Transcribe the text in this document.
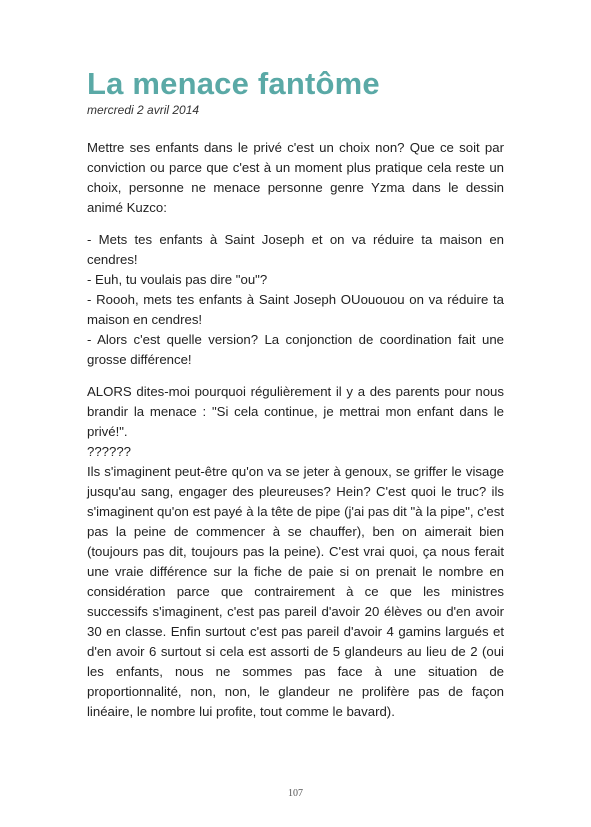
La menace fantôme
mercredi 2 avril 2014

Mettre ses enfants dans le privé c'est un choix non? Que ce soit par conviction ou parce que c'est à un moment plus pratique cela reste un choix, personne ne menace personne genre Yzma dans le dessin animé Kuzco:

- Mets tes enfants à Saint Joseph et on va réduire ta maison en cendres!
- Euh, tu voulais pas dire "ou"?
- Roooh, mets tes enfants à Saint Joseph OUououou on va réduire ta maison en cendres!
- Alors c'est quelle version? La conjonction de coordination fait une grosse différence!

ALORS dites-moi pourquoi régulièrement il y a des parents pour nous brandir la menace : "Si cela continue, je mettrai mon enfant dans le privé!".

??????

Ils s'imaginent peut-être qu'on va se jeter à genoux, se griffer le visage jusqu'au sang, engager des pleureuses? Hein? C'est quoi le truc? ils s'imaginent qu'on est payé à la tête de pipe (j'ai pas dit "à la pipe", c'est pas la peine de commencer à se chauffer), ben on aimerait bien (toujours pas dit, toujours pas la peine). C'est vrai quoi, ça nous ferait une vraie différence sur la fiche de paie si on prenait le nombre en considération parce que contrairement à ce que les ministres successifs s'imaginent, c'est pas pareil d'avoir 20 élèves ou d'en avoir 30 en classe. Enfin surtout c'est pas pareil d'avoir 4 gamins largués et d'en avoir 6 surtout si cela est assorti de 5 glandeurs au lieu de 2 (oui les enfants, nous ne sommes pas face à une situation de proportionnalité, non, non, le glandeur ne prolifère pas de façon linéaire, le nombre lui profite, tout comme le bavard).

107
